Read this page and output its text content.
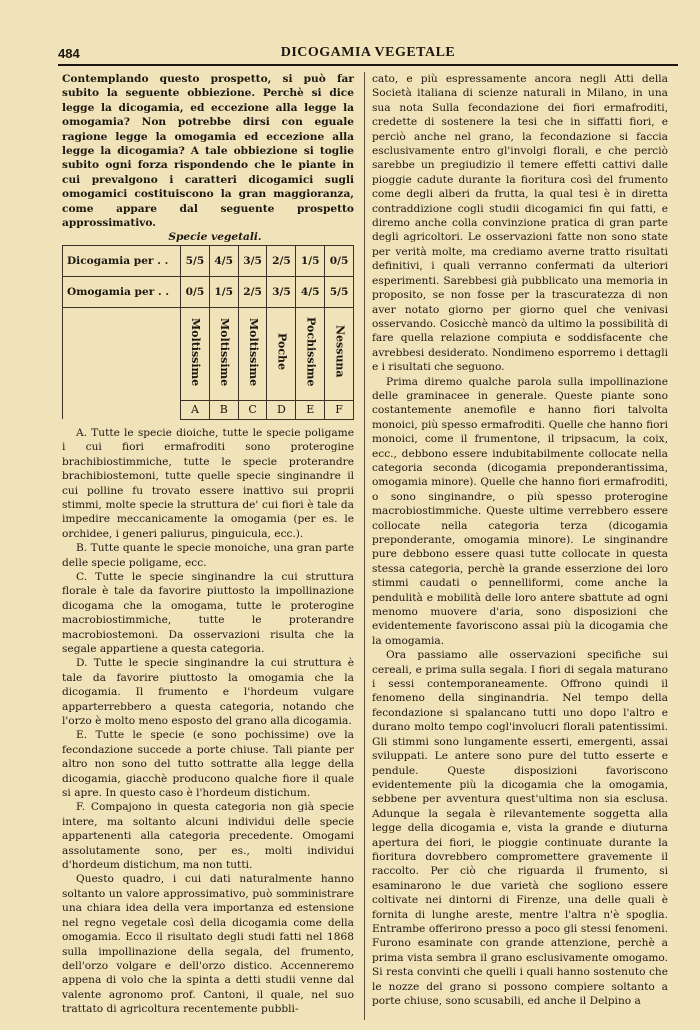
484	DICOGAMIA VEGETALE

Contemplando questo prospetto, si può far subito la seguente obbiezione. Perchè si dice legge la dicogamia, ed eccezione alla legge la omogamia? Non potrebbe dirsi con eguale ragione legge la omogamia ed eccezione alla legge la dicogamia? A tale obbiezione si toglie subito ogni forza rispondendo che le piante in cui prevalgono i caratteri dicogamici sugli omogamici costituiscono la gran maggioranza, come appare dal seguente prospetto approssimativo.

Specie vegetali.

Dicogamia per . .	5/5	4/5	3/5	2/5	1/5	0/5
Omogamia per . .	0/5	1/5	2/5	3/5	4/5	5/5
	Moltissime	Moltissime	Moltissime	Poche	Pochissime	Nessuna
	A	B	C	D	E	F

A. Tutte le specie dioiche, tutte le specie poligame i cui fiori ermafroditi sono proterogine brachibiostimmiche, tutte le specie proterandre brachibiostemoni, tutte quelle specie singinandre il cui polline fu trovato essere inattivo sui proprii stimmi, molte specie la struttura de' cui fiori è tale da impedire meccanicamente la omogamia (per es. le orchidee, i generi paliurus, pinguicula, ecc.).

B. Tutte quante le specie monoiche, una gran parte delle specie poligame, ecc.

C. Tutte le specie singinandre la cui struttura florale è tale da favorire piuttosto la impollinazione dicogama che la omogama, tutte le proterogine macrobiostimmiche, tutte le proterandre macrobiostemoni. Da osservazioni risulta che la segale appartiene a questa categoria.

D. Tutte le specie singinandre la cui struttura è tale da favorire piuttosto la omogamia che la dicogamia. Il frumento e l'hordeum vulgare apparterrebbero a questa categoria, notando che l'orzo è molto meno esposto del grano alla dicogamia.

E. Tutte le specie (e sono pochissime) ove la fecondazione succede a porte chiuse. Tali piante per altro non sono del tutto sottratte alla legge della dicogamia, giacchè producono qualche fiore il quale si apre. In questo caso è l'hordeum distichum.

F. Compajono in questa categoria non già specie intere, ma soltanto alcuni individui delle specie appartenenti alla categoria precedente. Omogami assolutamente sono, per es., molti individui d'hordeum distichum, ma non tutti.

Questo quadro, i cui dati naturalmente hanno soltanto un valore approssimativo, può somministrare una chiara idea della vera importanza ed estensione nel regno vegetale così della dicogamia come della omogamia. Ecco il risultato degli studi fatti nel 1868 sulla impollinazione della segala, del frumento, dell'orzo volgare e dell'orzo distico. Accenneremo appena di volo che la spinta a detti studii venne dal valente agronomo prof. Cantoni, il quale, nel suo trattato di agricoltura recentemente pubbli-

cato, e più espressamente ancora negli Atti della Società italiana di scienze naturali in Milano, in una sua nota Sulla fecondazione dei fiori ermafroditi, credette di sostenere la tesi che in siffatti fiori, e perciò anche nel grano, la fecondazione si faccia esclusivamente entro gl'involgi florali, e che perciò sarebbe un pregiudizio il temere effetti cattivi dalle pioggie cadute durante la fioritura così del frumento come degli alberi da frutta, la qual tesi è in diretta contraddizione cogli studii dicogamici fin qui fatti, e diremo anche colla convinzione pratica di gran parte degli agricoltori. Le osservazioni fatte non sono state per verità molte, ma crediamo averne tratto risultati definitivi, i quali verranno confermati da ulteriori esperimenti. Sarebbesi già pubblicato una memoria in proposito, se non fosse per la trascuratezza di non aver notato giorno per giorno quel che venivasi osservando. Cosicchè mancò da ultimo la possibilità di fare quella relazione compiuta e soddisfacente che avrebbesi desiderato. Nondimeno esporremo i dettagli e i risultati che seguono.

Prima diremo qualche parola sulla impollinazione delle graminacee in generale. Queste piante sono costantemente anemofile e hanno fiori talvolta monoici, più spesso ermafroditi. Quelle che hanno fiori monoici, come il frumentone, il tripsacum, la coix, ecc., debbono essere indubitabilmente collocate nella categoria seconda (dicogamia preponderantissima, omogamia minore). Quelle che hanno fiori ermafroditi, o sono singinandre, o più spesso proterogine macrobiostimmiche. Queste ultime verrebbero essere collocate nella categoria terza (dicogamia preponderante, omogamia minore). Le singinandre pure debbono essere quasi tutte collocate in questa stessa categoria, perchè la grande esserzione dei loro stimmi caudati o pennelliformi, come anche la pendulità e mobilità delle loro antere sbattute ad ogni menomo muovere d'aria, sono disposizioni che evidentemente favoriscono assai più la dicogamia che la omogamia.

Ora passiamo alle osservazioni specifiche sui cereali, e prima sulla segala. I fiori di segala maturano i sessi contemporaneamente. Offrono quindi il fenomeno della singinandria. Nel tempo della fecondazione si spalancano tutti uno dopo l'altro e durano molto tempo cogl'involucri florali patentissimi. Gli stimmi sono lungamente esserti, emergenti, assai sviluppati. Le antere sono pure del tutto esserte e pendule. Queste disposizioni favoriscono evidentemente più la dicogamia che la omogamia, sebbene per avventura quest'ultima non sia esclusa. Adunque la segala è rilevantemente soggetta alla legge della dicogamia e, vista la grande e diuturna apertura dei fiori, le pioggie continuate durante la fioritura dovrebbero compromettere gravemente il raccolto. Per ciò che riguarda il frumento, si esaminarono le due varietà che sogliono essere coltivate nei dintorni di Firenze, una delle quali è fornita di lunghe areste, mentre l'altra n'è spoglia. Entrambe offerirono presso a poco gli stessi fenomeni. Furono esaminate con grande attenzione, perchè a prima vista sembra il grano esclusivamente omogamo. Si resta convinti che quelli i quali hanno sostenuto che le nozze del grano si possono compiere soltanto a porte chiuse, sono scusabili, ed anche il Delpino a
